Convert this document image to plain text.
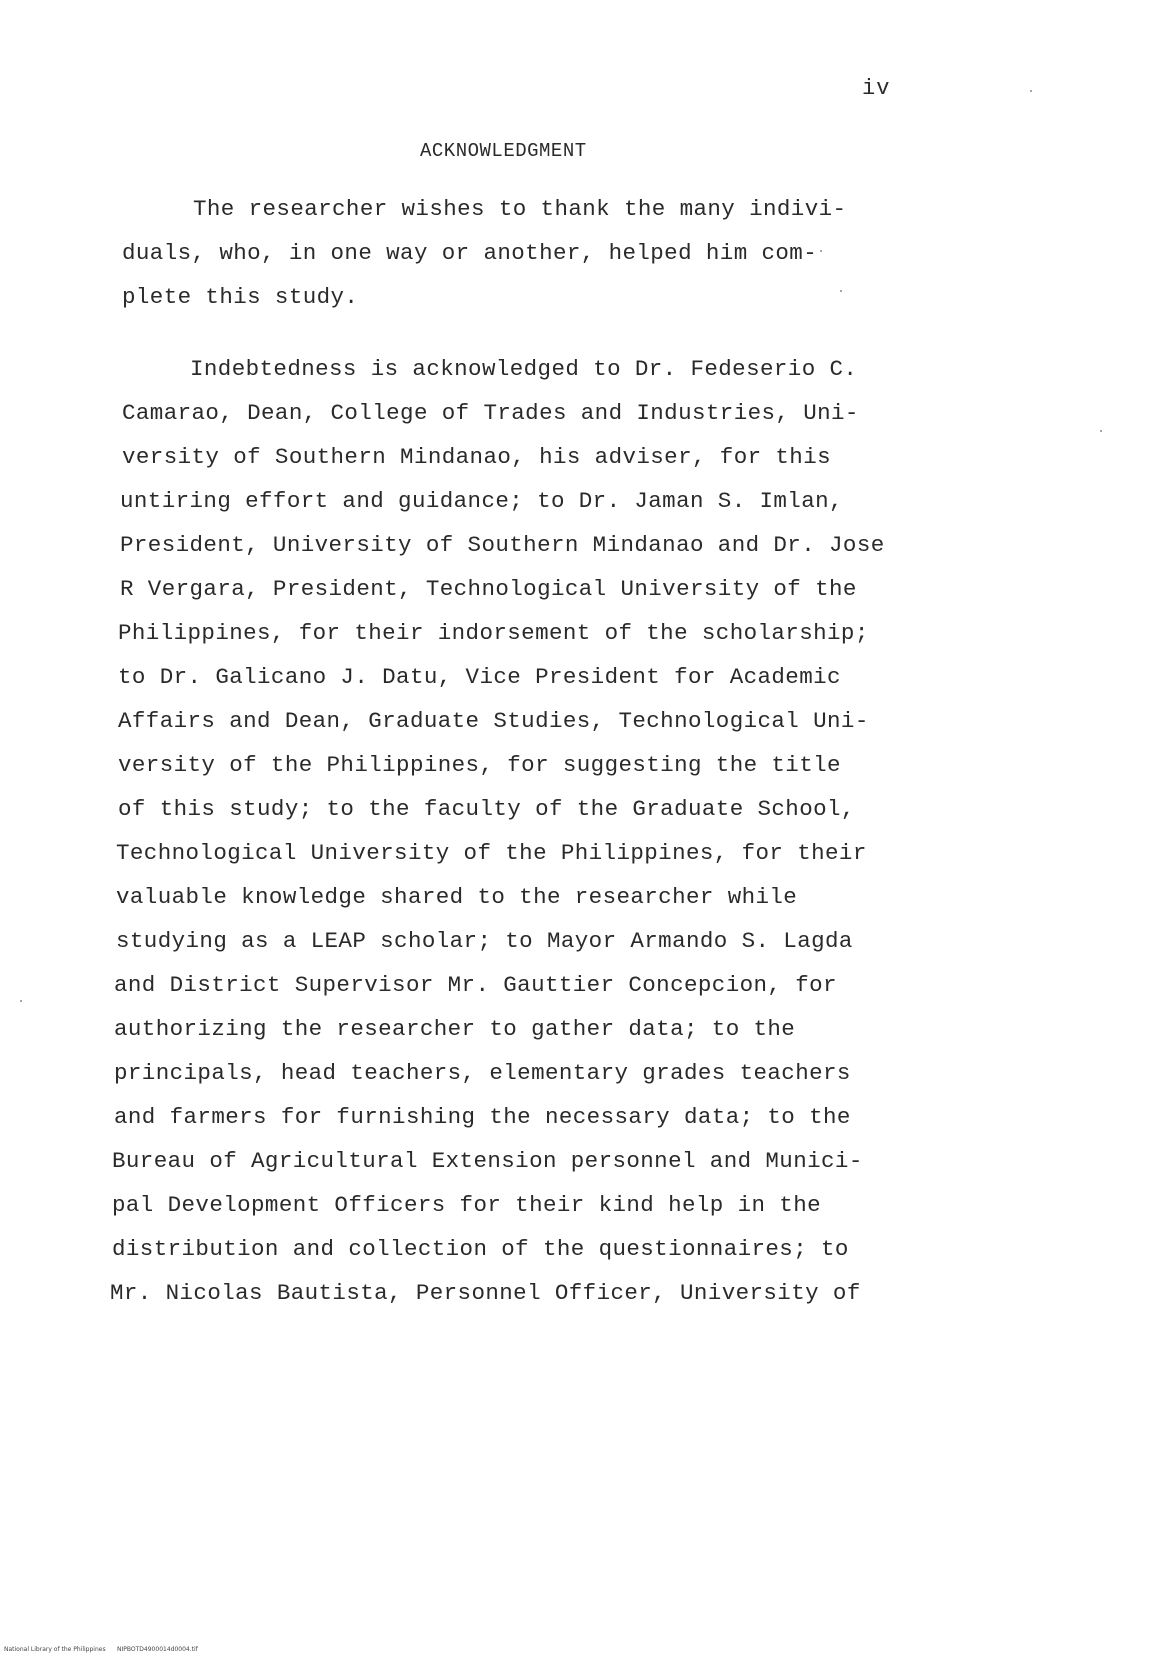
iv
ACKNOWLEDGMENT
The researcher wishes to thank the many indivi-
duals, who, in one way or another, helped him com-
plete this study.
Indebtedness is acknowledged to Dr. Fedeserio C.
Camarao, Dean, College of Trades and Industries, Uni-
versity of Southern Mindanao, his adviser, for this
untiring effort and guidance; to Dr. Jaman S. Imlan,
President, University of Southern Mindanao and Dr. Jose
R Vergara, President, Technological University of the
Philippines, for their indorsement of the scholarship;
to Dr. Galicano J. Datu, Vice President for Academic
Affairs and Dean, Graduate Studies, Technological Uni-
versity of the Philippines, for suggesting the title
of this study; to the faculty of the Graduate School,
Technological University of the Philippines, for their
valuable knowledge shared to the researcher while
studying as a LEAP scholar; to Mayor Armando S. Lagda
and District Supervisor Mr. Gauttier Concepcion, for
authorizing the researcher to gather data; to the
principals, head teachers, elementary grades teachers
and farmers for furnishing the necessary data; to the
Bureau of Agricultural Extension personnel and Munici-
pal Development Officers for their kind help in the
distribution and collection of the questionnaires; to
Mr. Nicolas Bautista, Personnel Officer, University of
National Library of the Philippines NIPBOTD4900014d0004.tif
